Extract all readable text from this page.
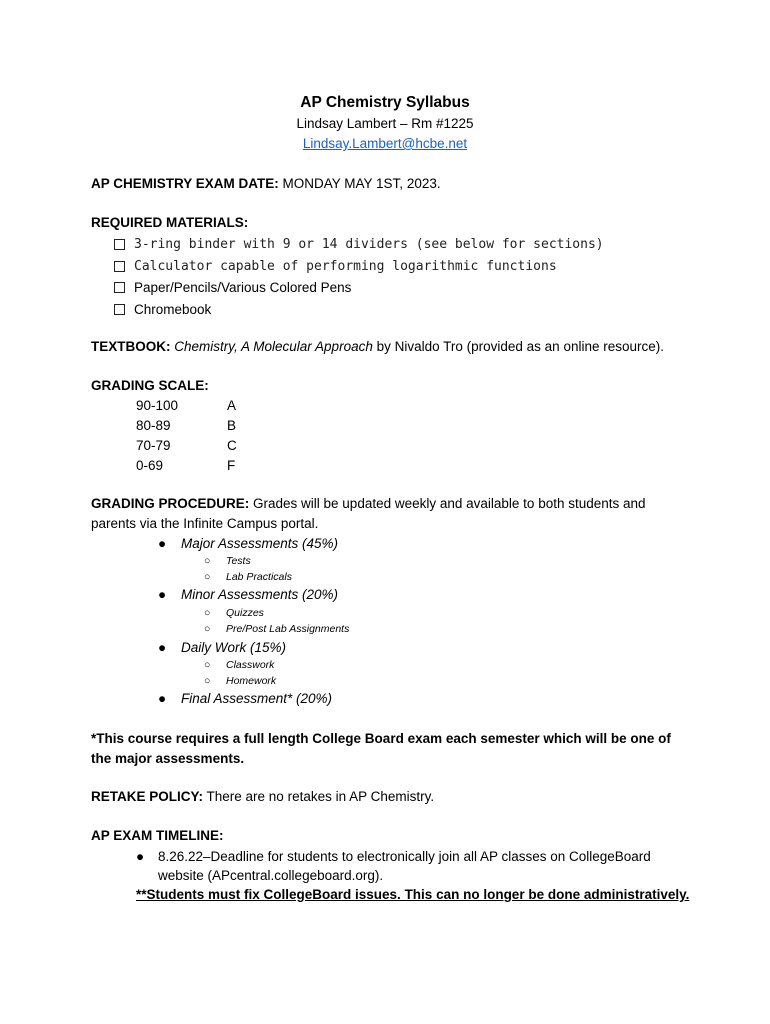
AP Chemistry Syllabus
Lindsay Lambert – Rm #1225
Lindsay.Lambert@hcbe.net
AP CHEMISTRY EXAM DATE: MONDAY MAY 1ST, 2023.
REQUIRED MATERIALS:
3-ring binder with 9 or 14 dividers (see below for sections)
Calculator capable of performing logarithmic functions
Paper/Pencils/Various Colored Pens
Chromebook
TEXTBOOK: Chemistry, A Molecular Approach by Nivaldo Tro (provided as an online resource).
GRADING SCALE:
90-100	A
80-89	B
70-79	C
0-69	F
GRADING PROCEDURE: Grades will be updated weekly and available to both students and parents via the Infinite Campus portal.
● Major Assessments (45%)
○ Tests
○ Lab Practicals
● Minor Assessments (20%)
○ Quizzes
○ Pre/Post Lab Assignments
● Daily Work (15%)
○ Classwork
○ Homework
● Final Assessment* (20%)
*This course requires a full length College Board exam each semester which will be one of the major assessments.
RETAKE POLICY: There are no retakes in AP Chemistry.
AP EXAM TIMELINE:
● 8.26.22–Deadline for students to electronically join all AP classes on CollegeBoard website (APcentral.collegeboard.org).
**Students must fix CollegeBoard issues. This can no longer be done administratively.
